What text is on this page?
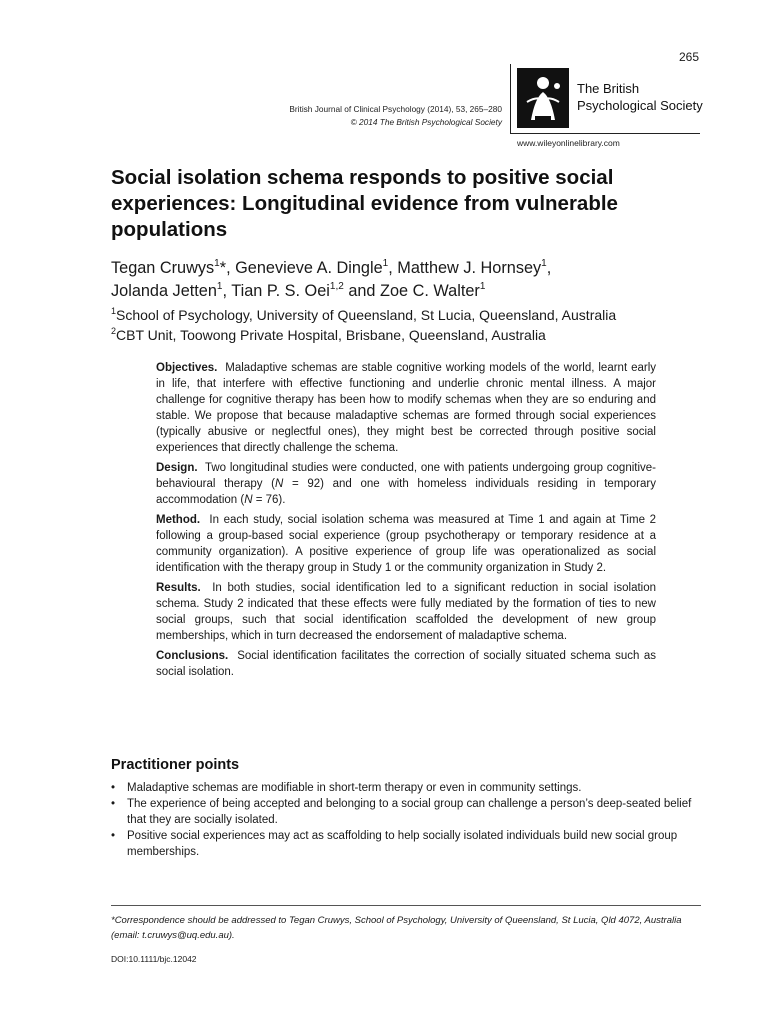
265
British Journal of Clinical Psychology (2014), 53, 265–280
© 2014 The British Psychological Society
The British
Psychological Society
www.wileyonlinelibrary.com
Social isolation schema responds to positive social experiences: Longitudinal evidence from vulnerable populations
Tegan Cruwys$^1$*, Genevieve A. Dingle$^1$, Matthew J. Hornsey$^1$,
Jolanda Jetten$^1$, Tian P. S. Oei$^{1,2}$ and Zoe C. Walter$^1$
$^1$School of Psychology, University of Queensland, St Lucia, Queensland, Australia
$^2$CBT Unit, Toowong Private Hospital, Brisbane, Queensland, Australia

Objectives. Maladaptive schemas are stable cognitive working models of the world, learnt early in life, that interfere with effective functioning and underlie chronic mental illness. A major challenge for cognitive therapy has been how to modify schemas when they are so enduring and stable. We propose that because maladaptive schemas are formed through social experiences (typically abusive or neglectful ones), they might best be corrected through positive social experiences that directly challenge the schema.

Design. Two longitudinal studies were conducted, one with patients undergoing group cognitive-behavioural therapy (N = 92) and one with homeless individuals residing in temporary accommodation (N = 76).

Method. In each study, social isolation schema was measured at Time 1 and again at Time 2 following a group-based social experience (group psychotherapy or temporary residence at a community organization). A positive experience of group life was operationalized as social identification with the therapy group in Study 1 or the community organization in Study 2.

Results. In both studies, social identification led to a significant reduction in social isolation schema. Study 2 indicated that these effects were fully mediated by the formation of ties to new social groups, such that social identification scaffolded the development of new group memberships, which in turn decreased the endorsement of maladaptive schema.

Conclusions. Social identification facilitates the correction of socially situated schema such as social isolation.

Practitioner points
• Maladaptive schemas are modifiable in short-term therapy or even in community settings.
• The experience of being accepted and belonging to a social group can challenge a person’s deep-seated belief that they are socially isolated.
• Positive social experiences may act as scaffolding to help socially isolated individuals build new social group memberships.
*Correspondence should be addressed to Tegan Cruwys, School of Psychology, University of Queensland, St Lucia, Qld 4072, Australia (email: t.cruwys@uq.edu.au).
DOI:10.1111/bjc.12042
